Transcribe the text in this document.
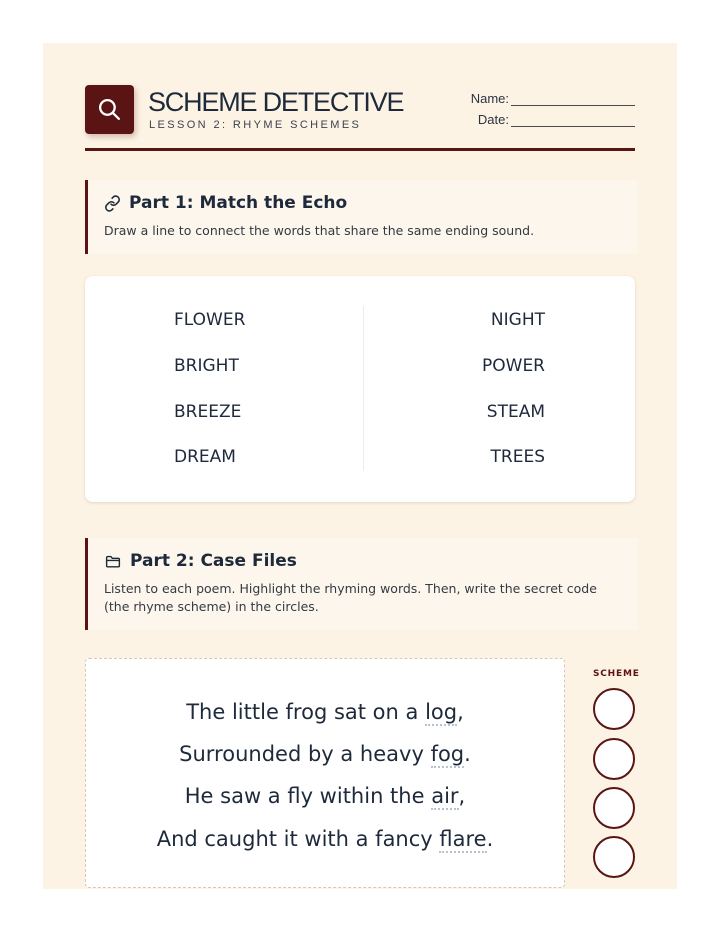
SCHEME DETECTIVE
LESSON 2: RHYME SCHEMES
Name:
Date:
Part 1: Match the Echo
Draw a line to connect the words that share the same ending sound.
FLOWER
BRIGHT
BREEZE
DREAM
NIGHT
POWER
STEAM
TREES
Part 2: Case Files
Listen to each poem. Highlight the rhyming words. Then, write the secret code (the rhyme scheme) in the circles.
The little frog sat on a log,
Surrounded by a heavy fog.
He saw a fly within the air,
And caught it with a fancy flare.
SCHEME
